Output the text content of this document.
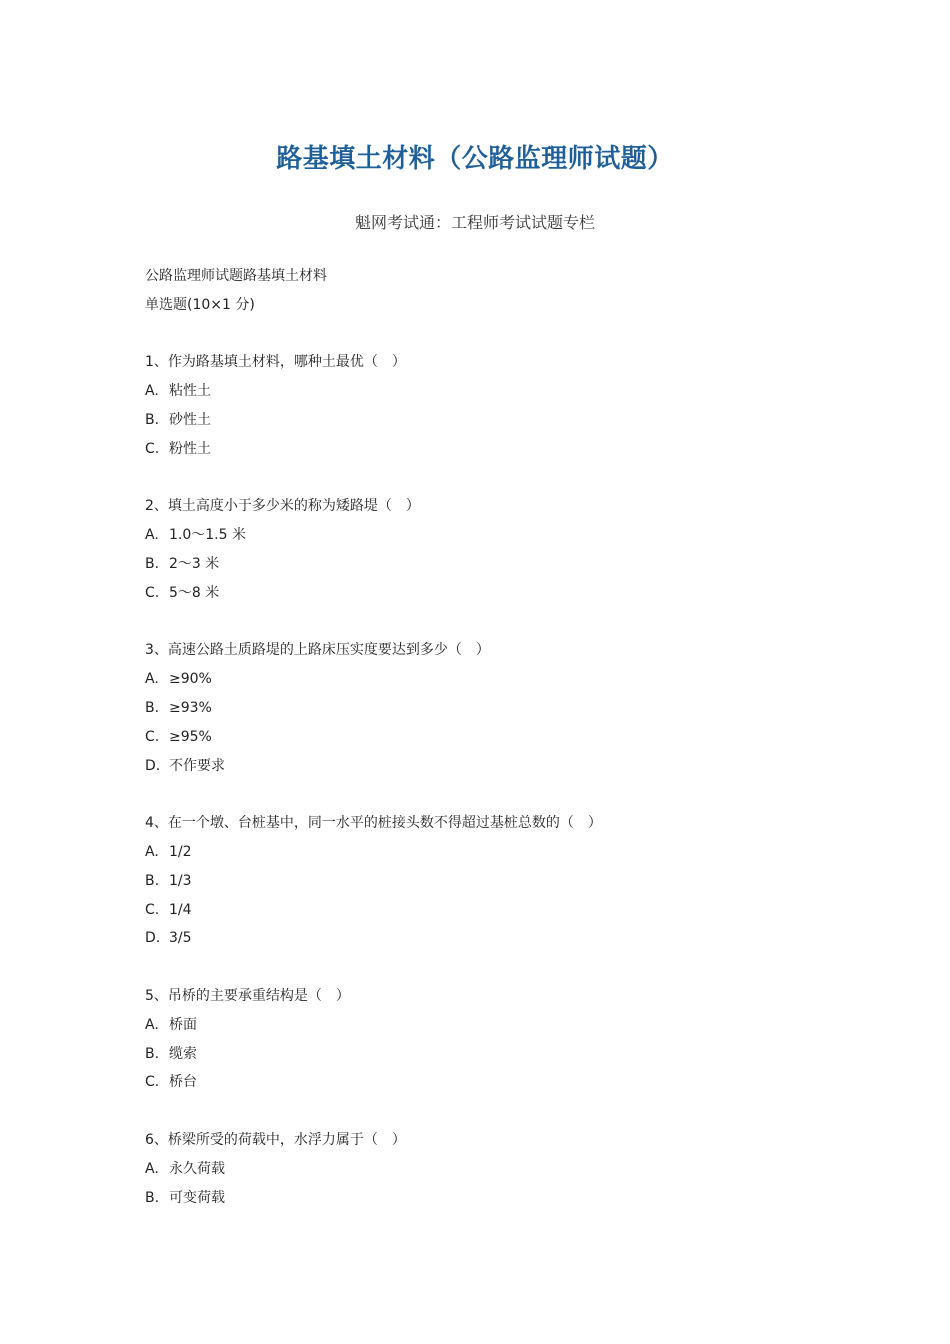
路基填土材料（公路监理师试题）
魁网考试通：工程师考试试题专栏
公路监理师试题路基填土材料
单选题(10×1 分)
1、作为路基填土材料，哪种土最优（　）
A. 粘性土
B. 砂性土
C. 粉性土
2、填土高度小于多少米的称为矮路堤（　）
A. 1.0～1.5 米
B. 2～3 米
C. 5～8 米
3、高速公路土质路堤的上路床压实度要达到多少（　）
A. ≥90%
B. ≥93%
C. ≥95%
D. 不作要求
4、在一个墩、台桩基中，同一水平的桩接头数不得超过基桩总数的（　）
A. 1/2
B. 1/3
C. 1/4
D. 3/5
5、吊桥的主要承重结构是（　）
A. 桥面
B. 缆索
C. 桥台
6、桥梁所受的荷载中，水浮力属于（　）
A. 永久荷载
B. 可变荷载
